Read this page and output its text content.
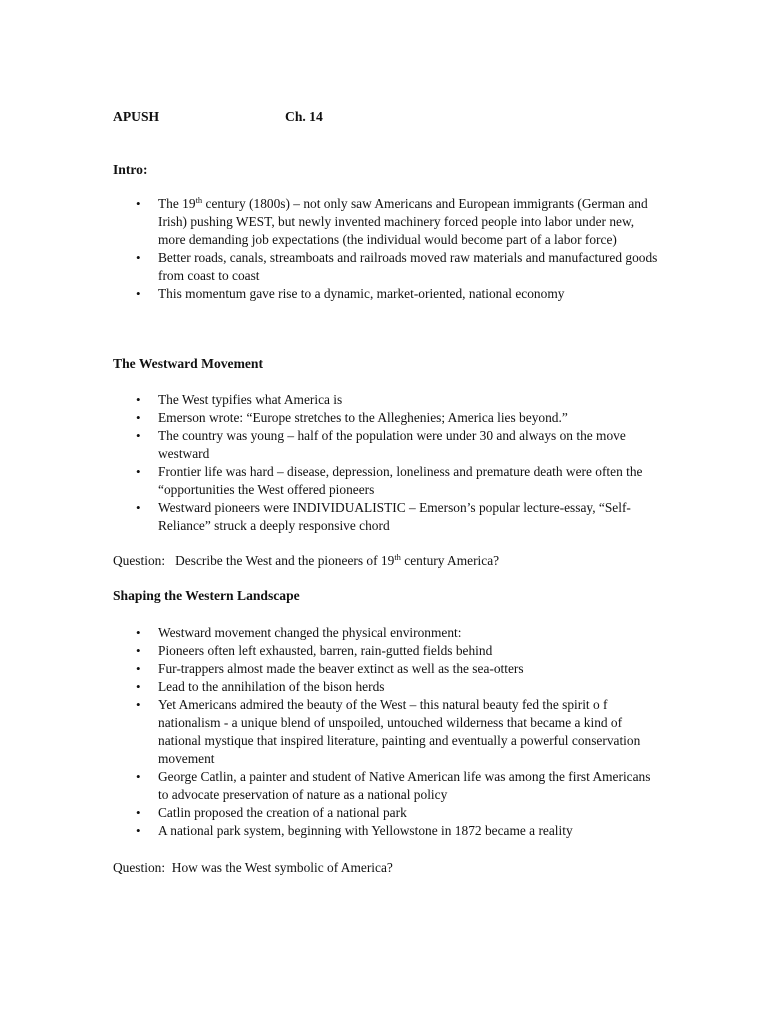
APUSH	Ch. 14
Intro:
• The 19th century (1800s) – not only saw Americans and European immigrants (German and Irish) pushing WEST, but newly invented machinery forced people into labor under new, more demanding job expectations (the individual would become part of a labor force)
• Better roads, canals, streamboats and railroads moved raw materials and manufactured goods from coast to coast
• This momentum gave rise to a dynamic, market-oriented, national economy
The Westward Movement
• The West typifies what America is
• Emerson wrote: “Europe stretches to the Alleghenies; America lies beyond.”
• The country was young – half of the population were under 30 and always on the move westward
• Frontier life was hard – disease, depression, loneliness and premature death were often the “opportunities the West offered pioneers
• Westward pioneers were INDIVIDUALISTIC – Emerson’s popular lecture-essay, “Self-Reliance” struck a deeply responsive chord
Question: Describe the West and the pioneers of 19th century America?
Shaping the Western Landscape
• Westward movement changed the physical environment:
• Pioneers often left exhausted, barren, rain-gutted fields behind
• Fur-trappers almost made the beaver extinct as well as the sea-otters
• Lead to the annihilation of the bison herds
• Yet Americans admired the beauty of the West – this natural beauty fed the spirit o f nationalism - a unique blend of unspoiled, untouched wilderness that became a kind of national mystique that inspired literature, painting and eventually a powerful conservation movement
• George Catlin, a painter and student of Native American life was among the first Americans to advocate preservation of nature as a national policy
• Catlin proposed the creation of a national park
• A national park system, beginning with Yellowstone in 1872 became a reality
Question: How was the West symbolic of America?
